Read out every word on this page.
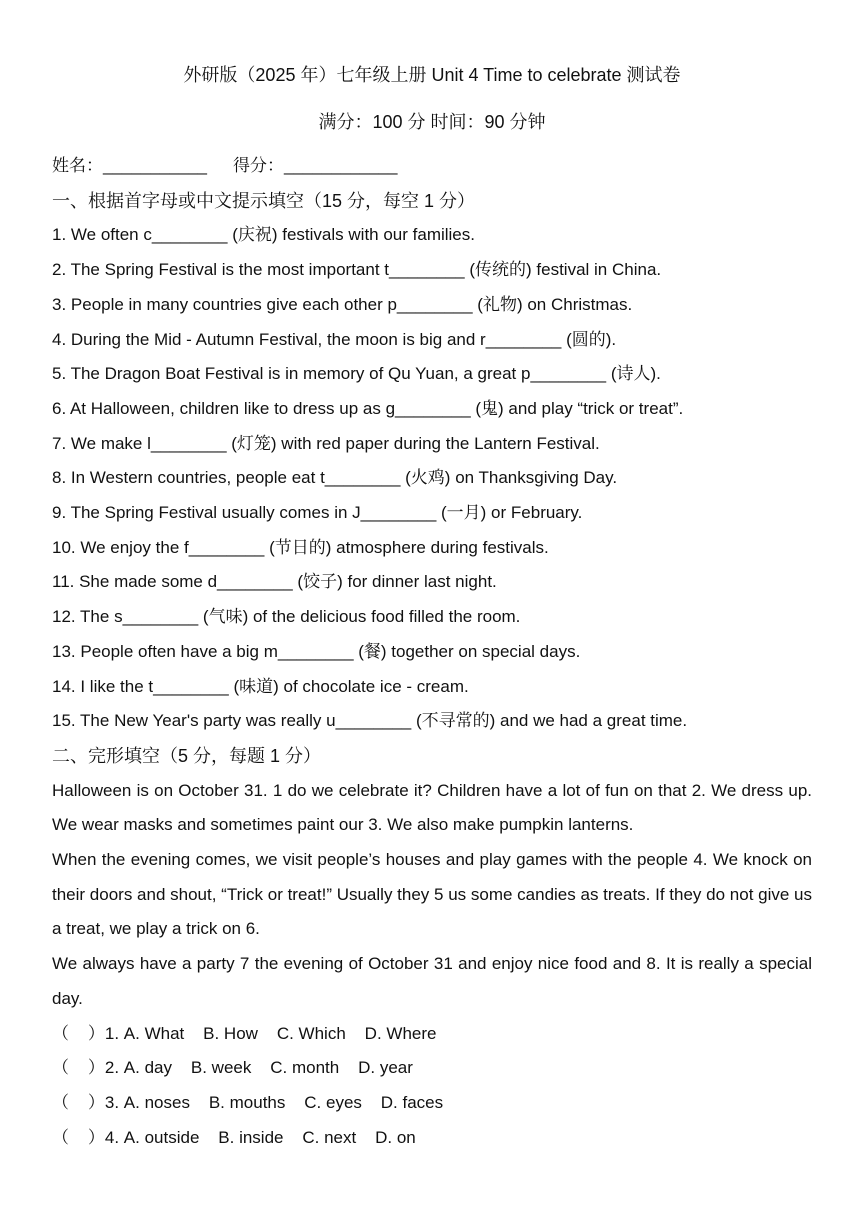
外研版（2025 年）七年级上册 Unit 4 Time to celebrate 测试卷
满分：100 分 时间：90 分钟
姓名：___________ 得分：____________
一、根据首字母或中文提示填空（15 分，每空 1 分）
1. We often c________ (庆祝) festivals with our families.
2. The Spring Festival is the most important t________ (传统的) festival in China.
3. People in many countries give each other p________ (礼物) on Christmas.
4. During the Mid - Autumn Festival, the moon is big and r________ (圆的).
5. The Dragon Boat Festival is in memory of Qu Yuan, a great p________ (诗人).
6. At Halloween, children like to dress up as g________ (鬼) and play “trick or treat”.
7. We make l________ (灯笼) with red paper during the Lantern Festival.
8. In Western countries, people eat t________ (火鸡) on Thanksgiving Day.
9. The Spring Festival usually comes in J________ (一月) or February.
10. We enjoy the f________ (节日的) atmosphere during festivals.
11. She made some d________ (饺子) for dinner last night.
12. The s________ (气味) of the delicious food filled the room.
13. People often have a big m________ (餐) together on special days.
14. I like the t________ (味道) of chocolate ice - cream.
15. The New Year's party was really u________ (不寻常的) and we had a great time.
二、完形填空（5 分，每题 1 分）
Halloween is on October 31. 1 do we celebrate it? Children have a lot of fun on that 2. We dress up. We wear masks and sometimes paint our 3. We also make pumpkin lanterns.
When the evening comes, we visit people’s houses and play games with the people 4. We knock on their doors and shout, “Trick or treat!” Usually they 5 us some candies as treats. If they do not give us a treat, we play a trick on 6.
We always have a party 7 the evening of October 31 and enjoy nice food and 8. It is really a special day.
（    ）1. A. What    B. How    C. Which    D. Where
（    ）2. A. day    B. week    C. month    D. year
（    ）3. A. noses    B. mouths    C. eyes    D. faces
（    ）4. A. outside    B. inside    C. next    D. on
